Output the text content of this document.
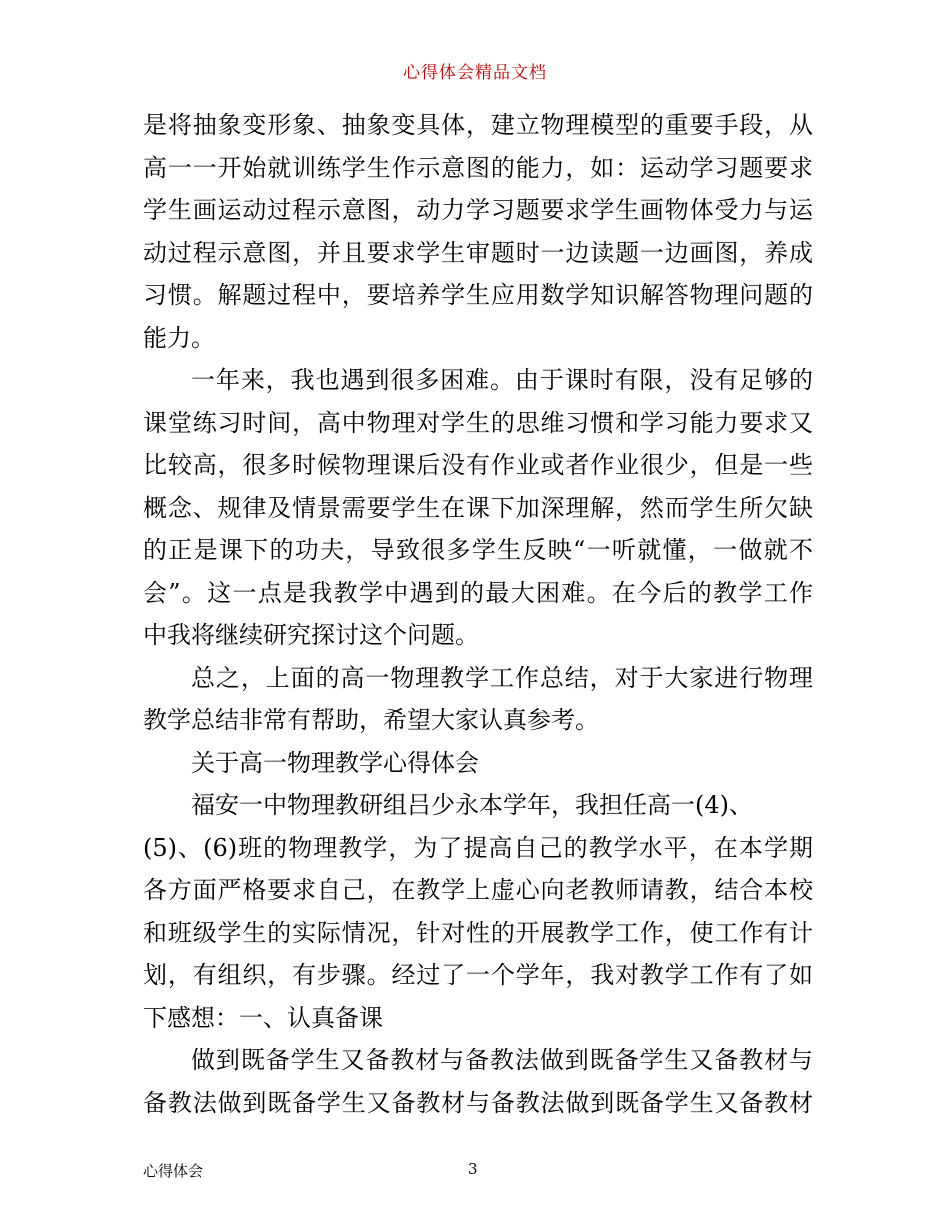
心得体会精品文档
是将抽象变形象、抽象变具体，建立物理模型的重要手段，从
高一一开始就训练学生作示意图的能力，如：运动学习题要求
学生画运动过程示意图，动力学习题要求学生画物体受力与运
动过程示意图，并且要求学生审题时一边读题一边画图，养成
习惯。解题过程中，要培养学生应用数学知识解答物理问题的
能力。
一年来，我也遇到很多困难。由于课时有限，没有足够的
课堂练习时间，高中物理对学生的思维习惯和学习能力要求又
比较高，很多时候物理课后没有作业或者作业很少，但是一些
概念、规律及情景需要学生在课下加深理解，然而学生所欠缺
的正是课下的功夫，导致很多学生反映“一听就懂，一做就不
会”。这一点是我教学中遇到的最大困难。在今后的教学工作
中我将继续研究探讨这个问题。
总之，上面的高一物理教学工作总结，对于大家进行物理
教学总结非常有帮助，希望大家认真参考。
关于高一物理教学心得体会
福安一中物理教研组吕少永本学年，我担任高一(4)、
(5)、(6)班的物理教学，为了提高自己的教学水平，在本学期
各方面严格要求自己，在教学上虚心向老教师请教，结合本校
和班级学生的实际情况，针对性的开展教学工作，使工作有计
划，有组织，有步骤。经过了一个学年，我对教学工作有了如
下感想：一、认真备课
做到既备学生又备教材与备教法做到既备学生又备教材与
备教法做到既备学生又备教材与备教法做到既备学生又备教材
心得体会	3
